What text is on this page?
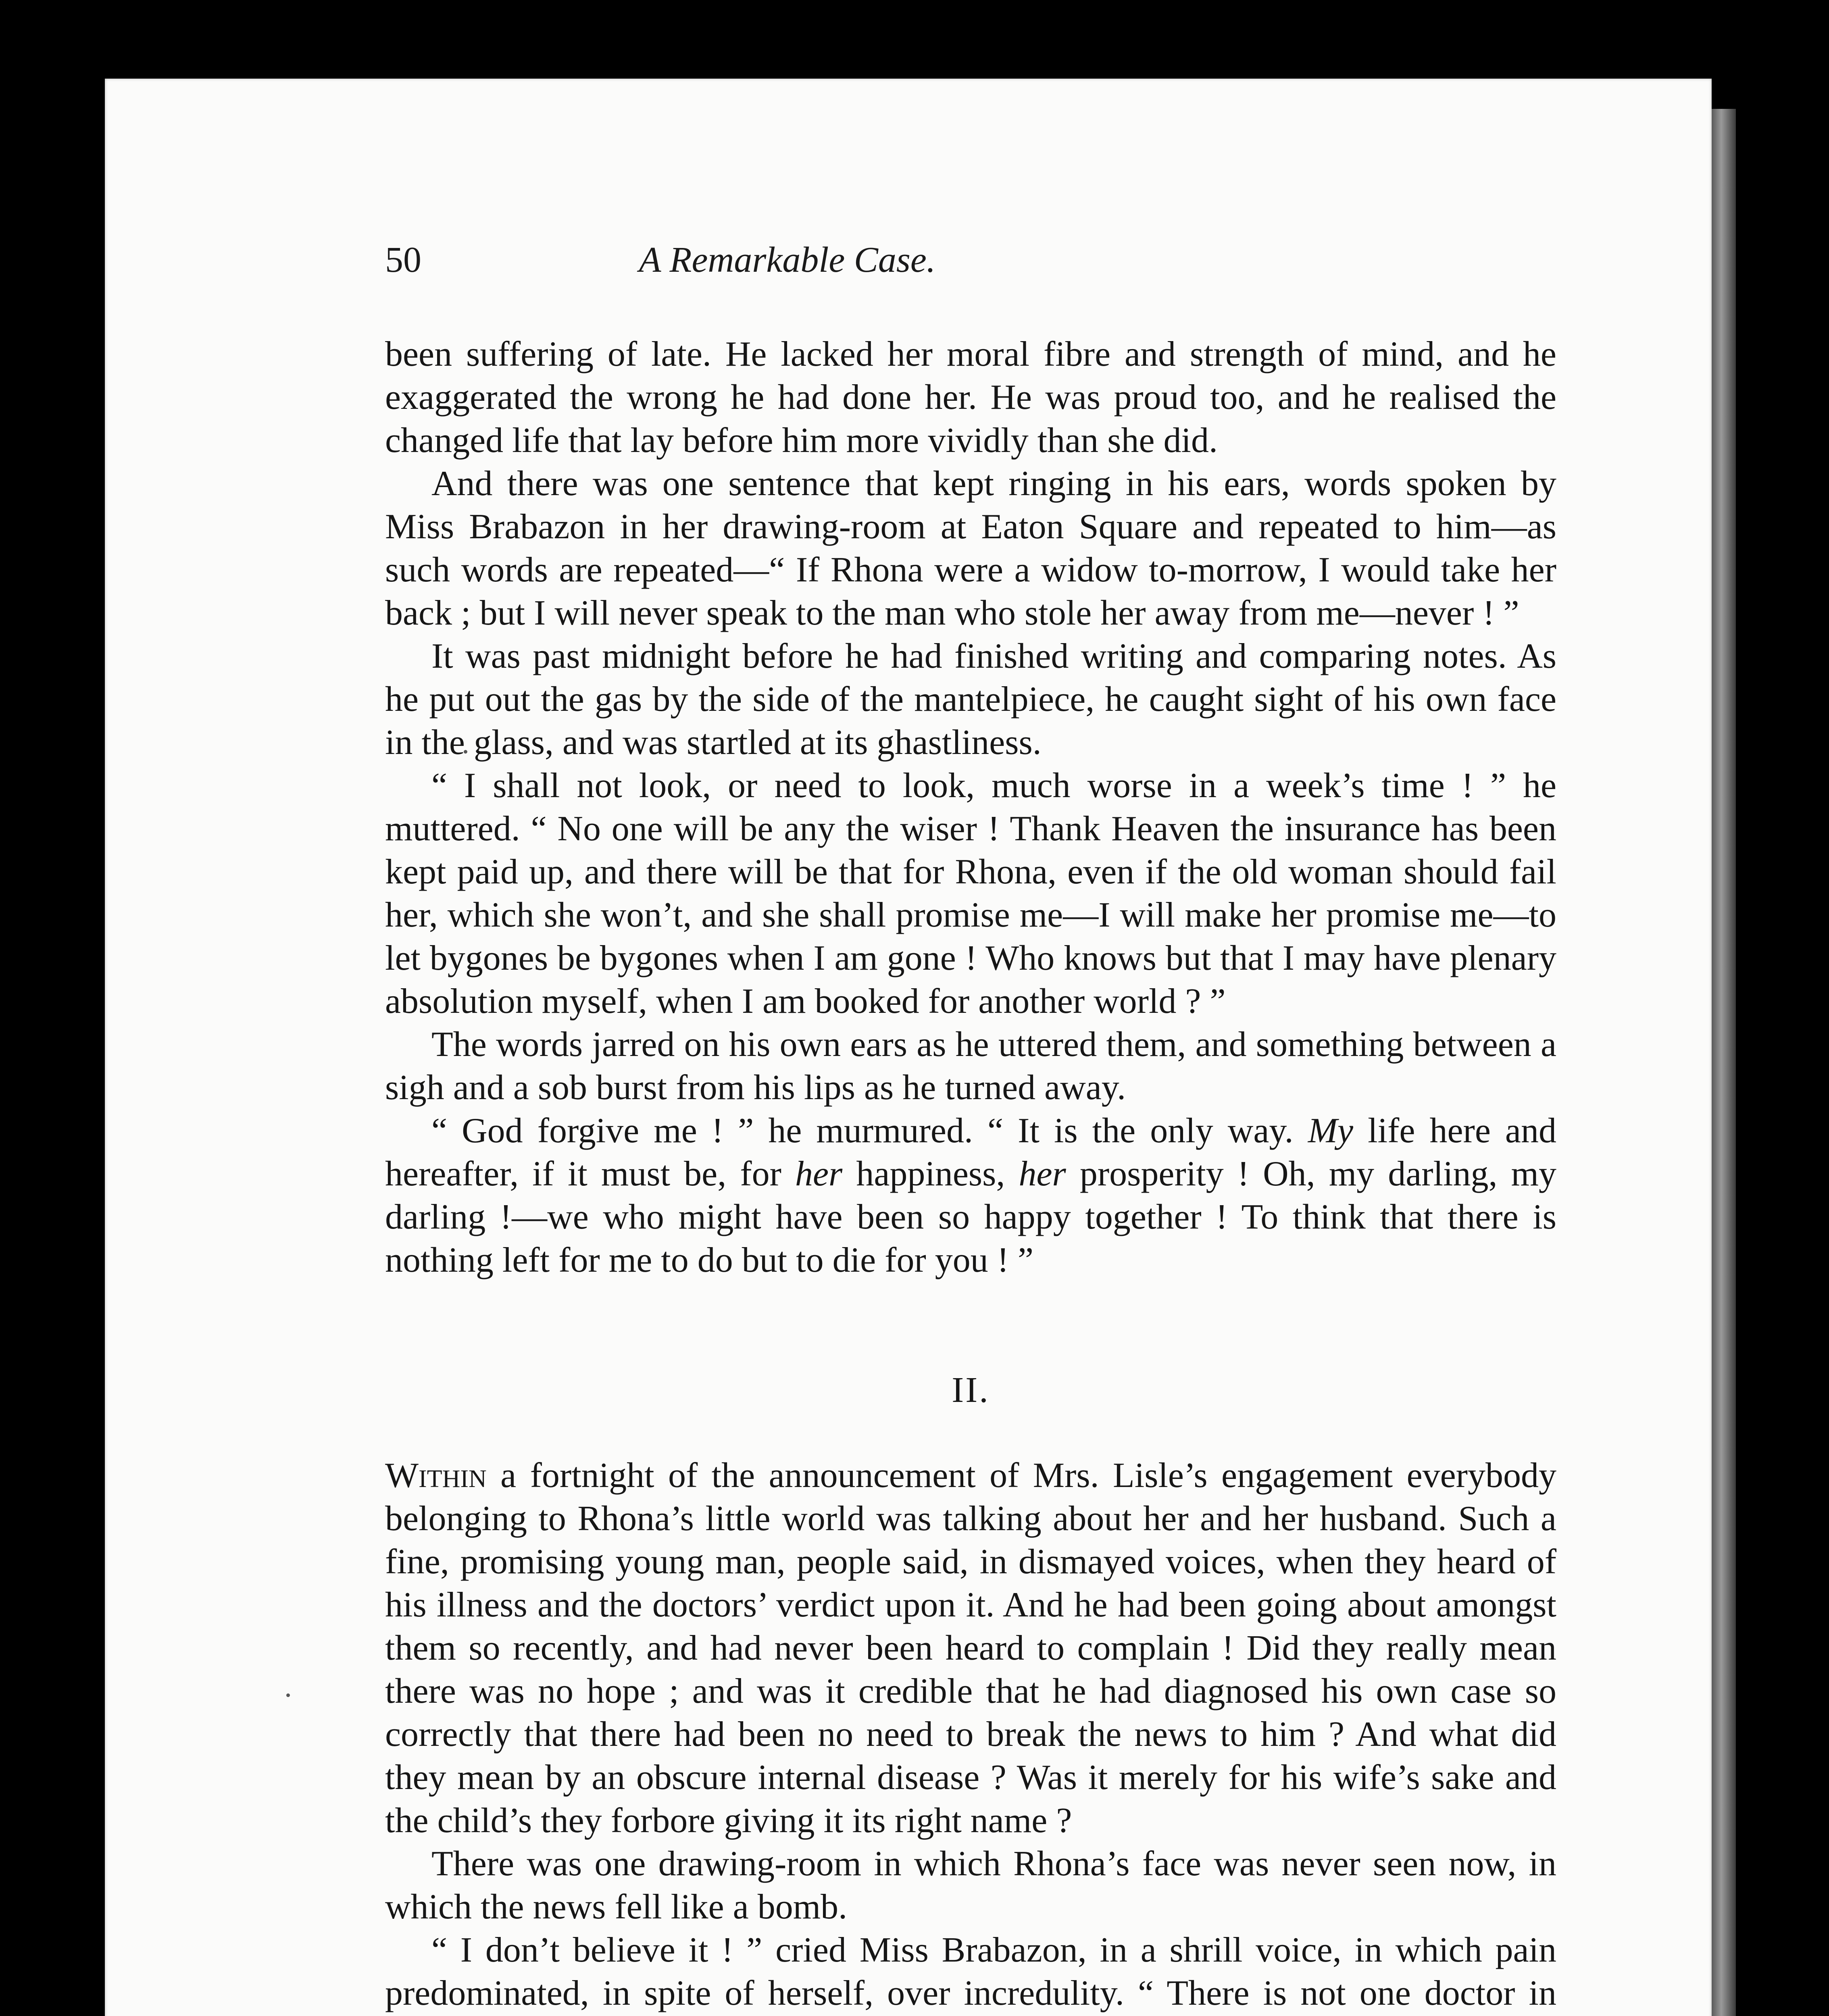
50	A Remarkable Case.

been suffering of late. He lacked her moral fibre and strength of mind, and he exaggerated the wrong he had done her. He was proud too, and he realised the changed life that lay before him more vividly than she did.

And there was one sentence that kept ringing in his ears, words spoken by Miss Brabazon in her drawing-room at Eaton Square and repeated to him—as such words are repeated—“ If Rhona were a widow to-morrow, I would take her back ; but I will never speak to the man who stole her away from me—never ! ”

It was past midnight before he had finished writing and comparing notes. As he put out the gas by the side of the mantelpiece, he caught sight of his own face in the glass, and was startled at its ghastliness.

“ I shall not look, or need to look, much worse in a week’s time ! ” he muttered. “ No one will be any the wiser ! Thank Heaven the insurance has been kept paid up, and there will be that for Rhona, even if the old woman should fail her, which she won’t, and she shall promise me—I will make her promise me—to let bygones be bygones when I am gone ! Who knows but that I may have plenary absolution myself, when I am booked for another world ? ”

The words jarred on his own ears as he uttered them, and something between a sigh and a sob burst from his lips as he turned away.

“ God forgive me ! ” he murmured. “ It is the only way. My life here and hereafter, if it must be, for her happiness, her prosperity ! Oh, my darling, my darling !—we who might have been so happy together ! To think that there is nothing left for me to do but to die for you ! ”

II.

Within a fortnight of the announcement of Mrs. Lisle’s engagement everybody belonging to Rhona’s little world was talking about her and her husband. Such a fine, promising young man, people said, in dismayed voices, when they heard of his illness and the doctors’ verdict upon it. And he had been going about amongst them so recently, and had never been heard to complain ! Did they really mean there was no hope ; and was it credible that he had diagnosed his own case so correctly that there had been no need to break the news to him ? And what did they mean by an obscure internal disease ? Was it merely for his wife’s sake and the child’s they forbore giving it its right name ?

There was one drawing-room in which Rhona’s face was never seen now, in which the news fell like a bomb.

“ I don’t believe it ! ” cried Miss Brabazon, in a shrill voice, in which pain predominated, in spite of herself, over incredulity. “ There is not one doctor in
